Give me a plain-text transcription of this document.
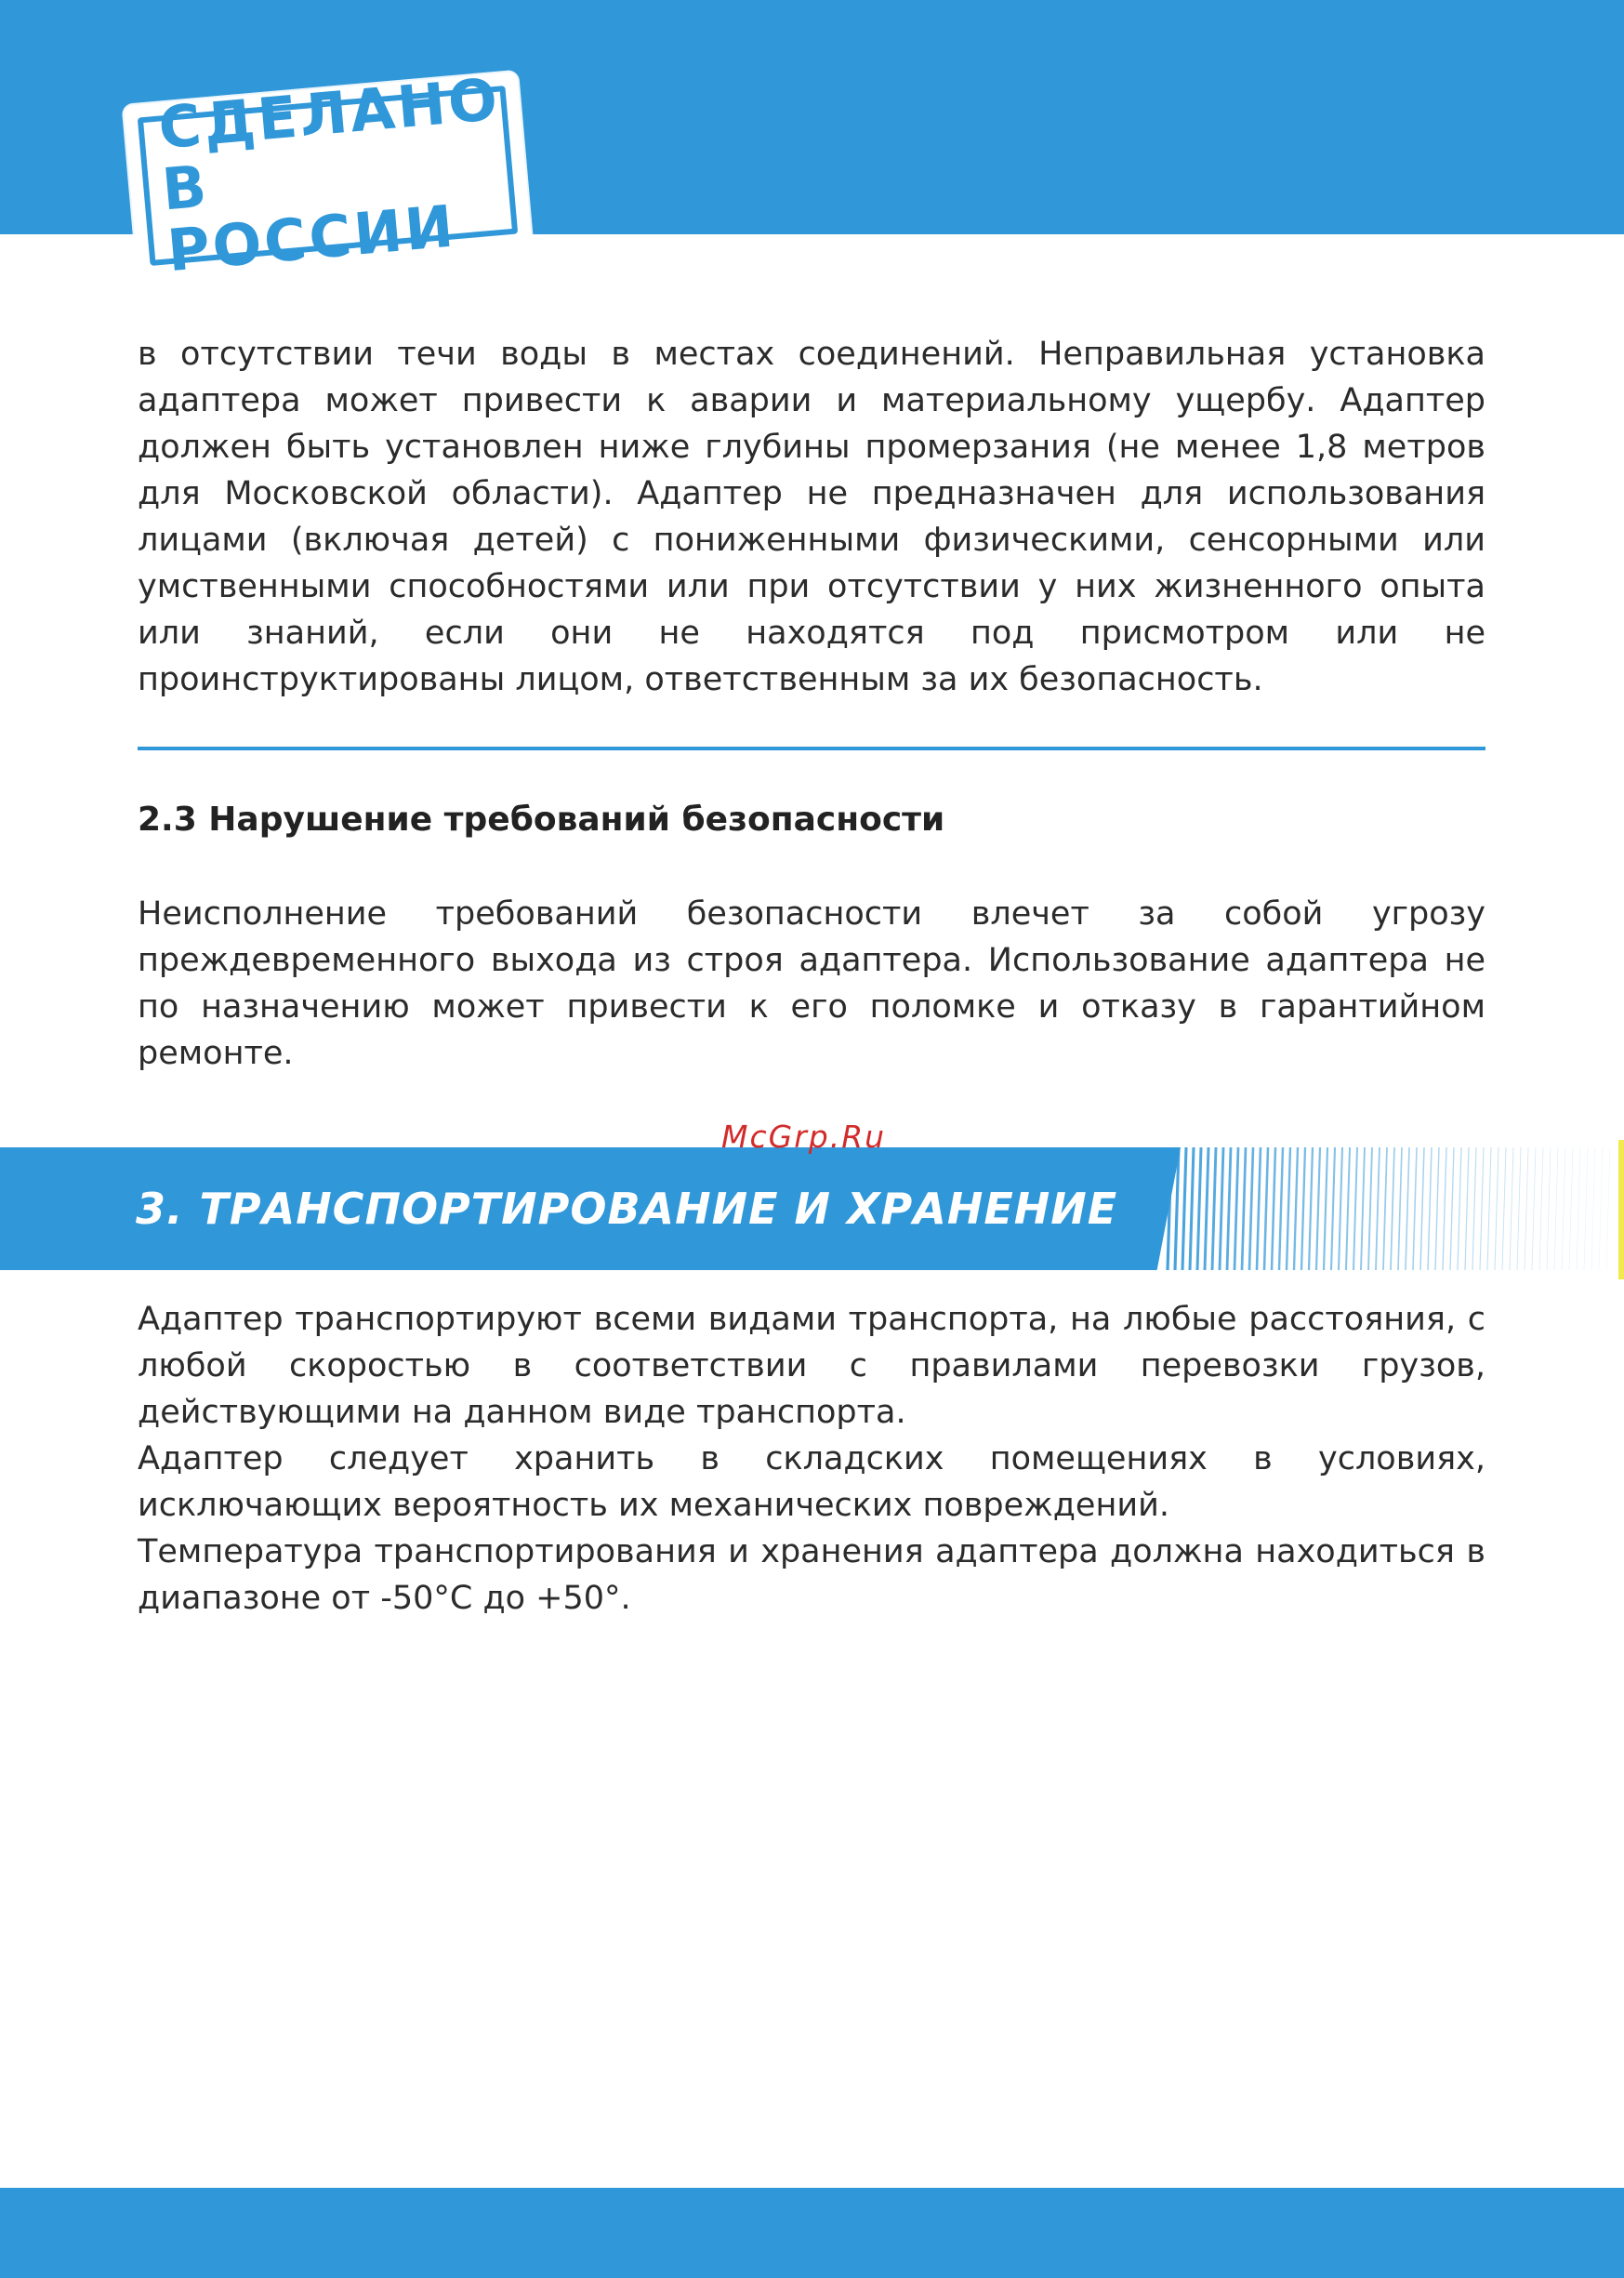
СДЕЛАНО
В РОССИИ

в отсутствии течи воды в местах соединений. Неправильная установка адаптера может привести к аварии и материальному ущербу. Адаптер должен быть установлен ниже глубины промерзания (не менее 1,8 метров для Московской области). Адаптер не предназначен для использования лицами (включая детей) с пониженными физическими, сенсорными или умственными способностями или при отсутствии у них жизненного опыта или знаний, если они не находятся под присмотром или не проинструктированы лицом, ответственным за их безопасность.

2.3 Нарушение требований безопасности

Неисполнение требований безопасности влечет за собой угрозу преждевременного выхода из строя адаптера. Использование адаптера не по назначению может привести к его поломке и отказу в гарантийном ремонте.

McGrp.Ru

3. ТРАНСПОРТИРОВАНИЕ И ХРАНЕНИЕ
Адаптер транспортируют всеми видами транспорта, на любые расстояния, с любой скоростью в соответствии с правилами перевозки грузов, действующими на данном виде транспорта.
Адаптер следует хранить в складских помещениях в условиях, исключающих вероятность их механических повреждений.
Температура транспортирования и хранения адаптера должна находиться в диапазоне от -50°С до +50°.
